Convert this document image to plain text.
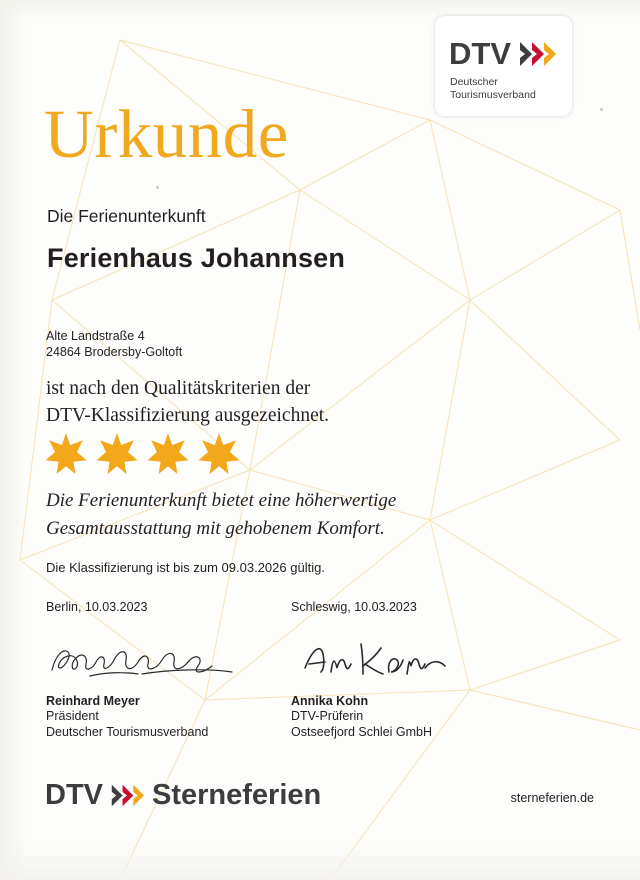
DTV
Deutscher
Tourismusverband
Urkunde
Die Ferienunterkunft
Ferienhaus Johannsen
Alte Landstraße 4
24864 Brodersby-Goltoft
ist nach den Qualitätskriterien der
DTV-Klassifizierung ausgezeichnet.
Die Ferienunterkunft bietet eine höherwertige
Gesamtausstattung mit gehobenem Komfort.
Die Klassifizierung ist bis zum 09.03.2026 gültig.
Berlin, 10.03.2023
Reinhard Meyer
Präsident
Deutscher Tourismusverband
Schleswig, 10.03.2023
Annika Kohn
DTV-Prüferin
Ostseefjord Schlei GmbH
DTV Sterneferien	sterneferien.de
